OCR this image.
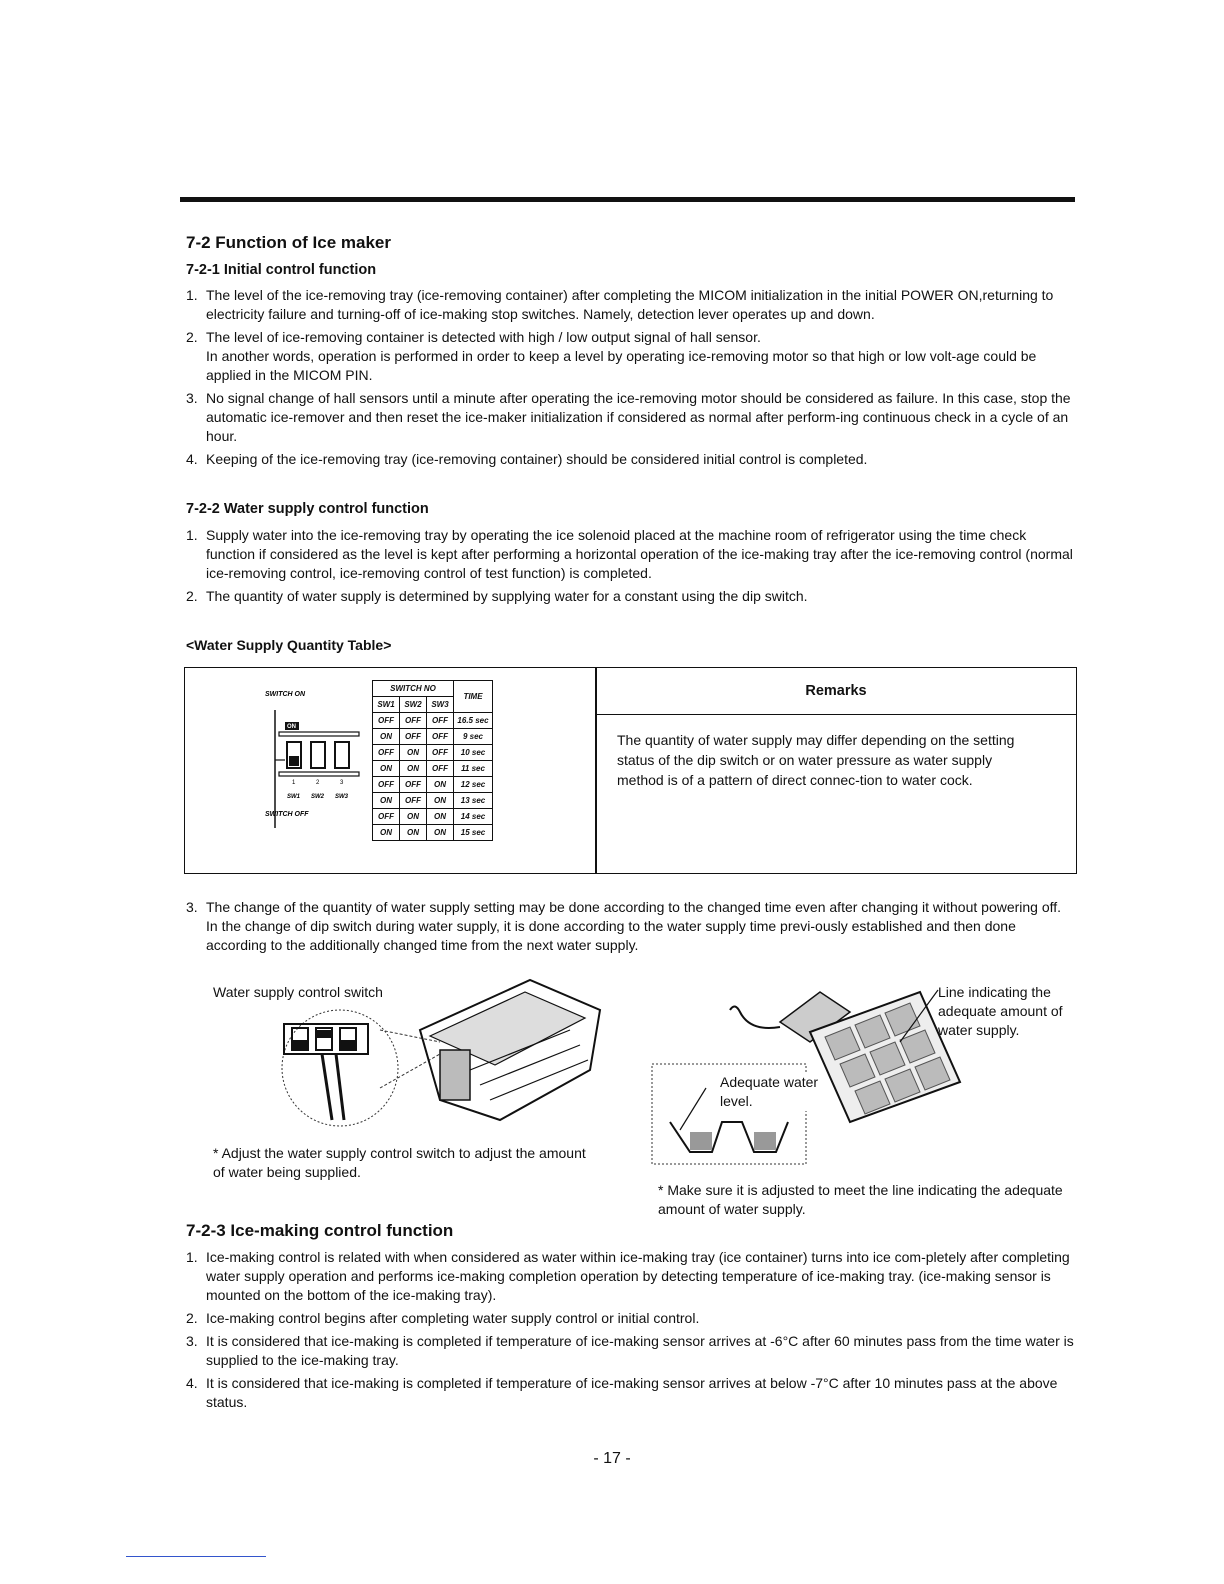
7-2 Function of Ice maker
7-2-1 Initial control function
1. The level of the ice-removing tray (ice-removing container) after completing the MICOM initialization in the initial POWER ON,returning to electricity failure and turning-off of ice-making stop switches. Namely, detection lever operates up and down.
2. The level of ice-removing container is detected with high / low output signal of hall sensor.
In another words, operation is performed in order to keep a level by operating ice-removing motor so that high or low volt-age could be applied in the MICOM PIN.
3. No signal change of hall sensors until a minute after operating the ice-removing motor should be considered as failure. In this case, stop the automatic ice-remover and then reset the ice-maker initialization if considered as normal after perform-ing continuous check in a cycle of an hour.
4. Keeping of the ice-removing tray (ice-removing container) should be considered initial control is completed.
7-2-2 Water supply control function
1. Supply water into the ice-removing tray by operating the ice solenoid placed at the machine room of refrigerator using the time check function if considered as the level is kept after performing a horizontal operation of the ice-making tray after the ice-removing control (normal ice-removing control, ice-removing control of test function) is completed.
2. The quantity of water supply is determined by supplying water for a constant using the dip switch.
<Water Supply Quantity Table>
SWITCH ON
ON
1	2	3
SW1 SW2 SW3
SWITCH OFF
SWITCH NO			TIME
SW1	SW2	SW3	
OFF	OFF	OFF	16.5 sec
ON	OFF	OFF	9 sec
OFF	ON	OFF	10 sec
ON	ON	OFF	11 sec
OFF	OFF	ON	12 sec
ON	OFF	ON	13 sec
OFF	ON	ON	14 sec
ON	ON	ON	15 sec
Remarks
The quantity of water supply may differ depending on the setting status of the dip switch or on water pressure as water supply method is of a pattern of direct connec-tion to water cock.
3. The change of the quantity of water supply setting may be done according to the changed time even after changing it without powering off. In the change of dip switch during water supply, it is done according to the water supply time previ-ously established and then done according to the additionally changed time from the next water supply.
Water supply control switch
* Adjust the water supply control switch to adjust the amount of water being supplied.
Adequate water level.
Line indicating the adequate amount of water supply.
* Make sure it is adjusted to meet the line indicating the adequate amount of water supply.
7-2-3 Ice-making control function
1. Ice-making control is related with when considered as water within ice-making tray (ice container) turns into ice com-pletely after completing water supply operation and performs ice-making completion operation by detecting temperature of ice-making tray. (ice-making sensor is mounted on the bottom of the ice-making tray).
2. Ice-making control begins after completing water supply control or initial control.
3. It is considered that ice-making is completed if temperature of ice-making sensor arrives at -6°C after 60 minutes pass from the time water is supplied to the ice-making tray.
4. It is considered that ice-making is completed if temperature of ice-making sensor arrives at below -7°C after 10 minutes pass at the above status.
- 17 -
